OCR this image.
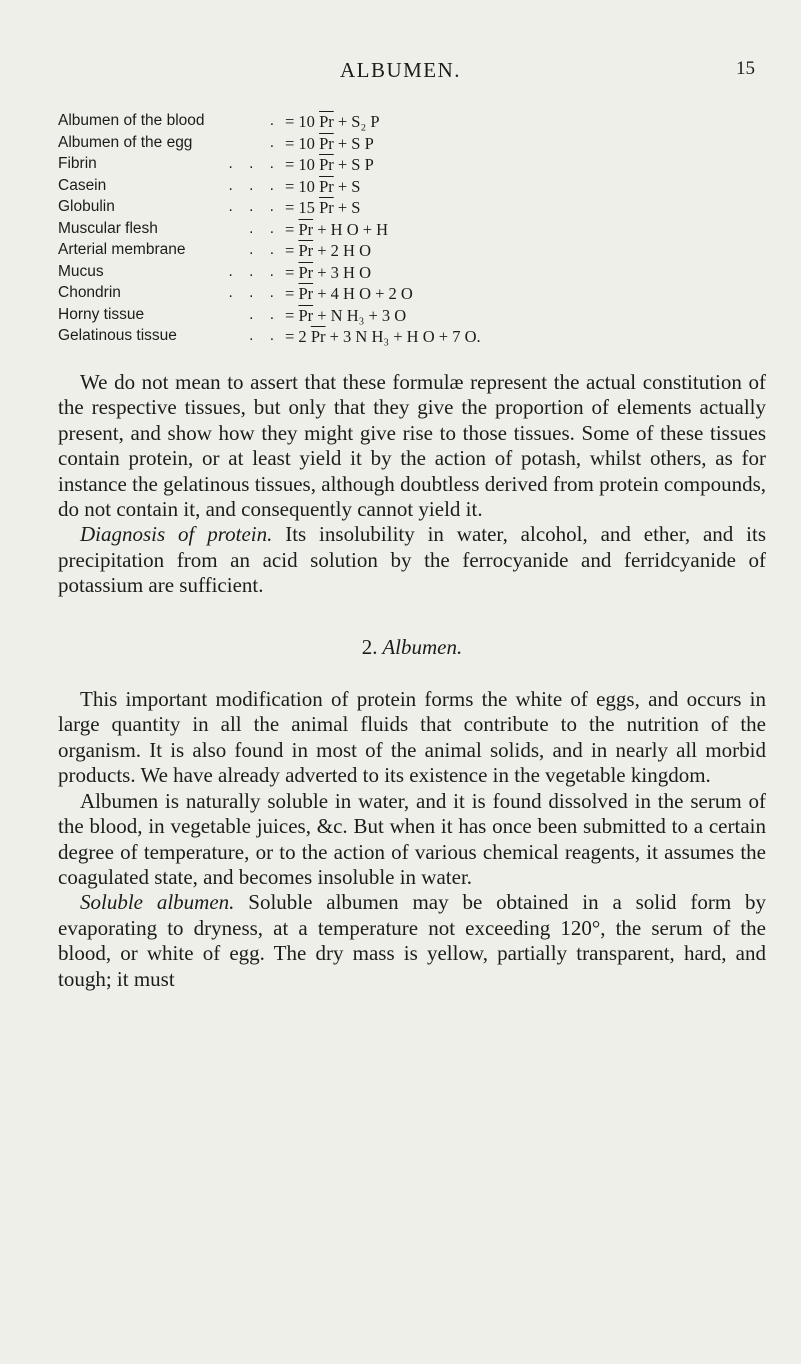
ALBUMEN.	15
Albumen of the blood	. = 10 $\overline{Pr} + S_2$ P
Albumen of the egg	. = 10 $\overline{Pr} + S$ P
Fibrin	. . . = 10 $\overline{Pr} + S$ P
Casein	. . . = 10 $\overline{Pr} + S$
Globulin	. . . = 15 $\overline{Pr} + S$
Muscular flesh	. . = $\overline{Pr} + H$ O + H
Arterial membrane	. . = $\overline{Pr} + 2$ H O
Mucus	. . . = $\overline{Pr} + 3$ H O
Chondrin	. . . = $\overline{Pr} + 4$ H O + 2 O
Horny tissue	. . = $\overline{Pr} + N$ H₃ + 3 O
Gelatinous tissue	. . = 2 $\overline{Pr} + 3$ N H₃ + H O + 7 O.

We do not mean to assert that these formulæ represent the actual constitution of the respective tissues, but only that they give the proportion of elements actually present, and show how they might give rise to those tissues. Some of these tissues contain protein, or at least yield it by the action of potash, whilst others, as for instance the gelatinous tissues, although doubtless derived from protein compounds, do not contain it, and consequently cannot yield it.

Diagnosis of protein. Its insolubility in water, alcohol, and ether, and its precipitation from an acid solution by the ferrocyanide and ferridcyanide of potassium are sufficient.

2. Albumen.

This important modification of protein forms the white of eggs, and occurs in large quantity in all the animal fluids that contribute to the nutrition of the organism. It is also found in most of the animal solids, and in nearly all morbid products. We have already adverted to its existence in the vegetable kingdom.

Albumen is naturally soluble in water, and it is found dissolved in the serum of the blood, in vegetable juices, &c. But when it has once been submitted to a certain degree of temperature, or to the action of various chemical reagents, it assumes the coagulated state, and becomes insoluble in water.

Soluble albumen. Soluble albumen may be obtained in a solid form by evaporating to dryness, at a temperature not exceeding 120°, the serum of the blood, or white of egg. The dry mass is yellow, partially transparent, hard, and tough; it must
